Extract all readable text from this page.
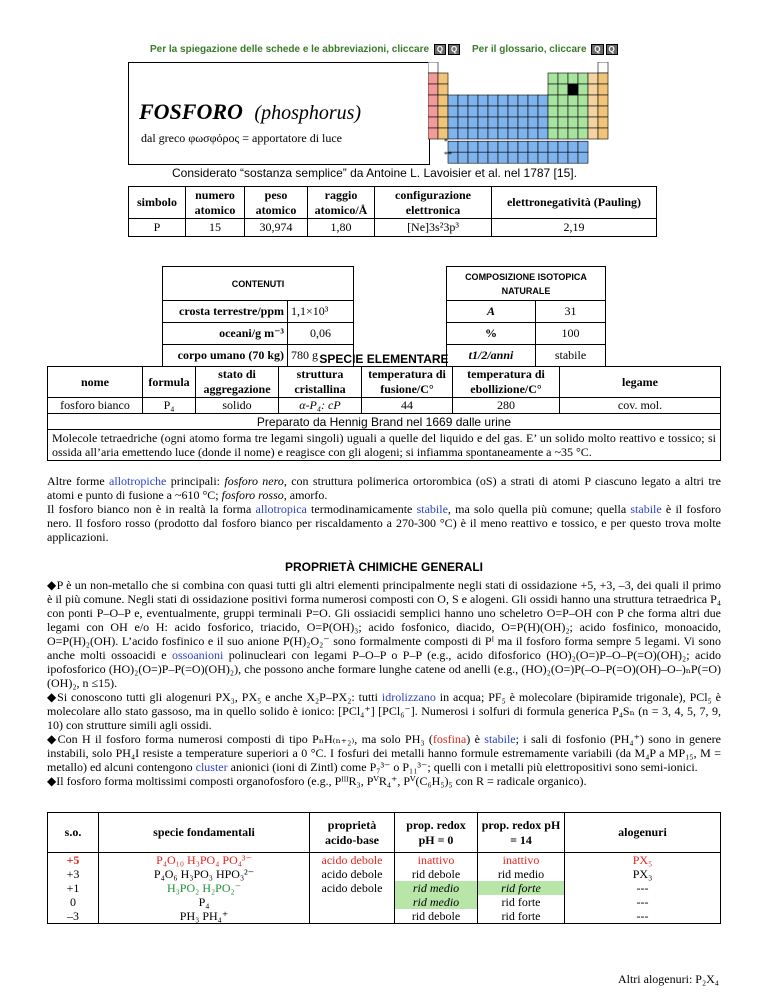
Per la spiegazione delle schede e le abbreviazioni, cliccare Q Q	Per il glossario, cliccare Q Q
FOSFORO (phosphorus)
dal greco φωσφόρος = apportatore di luce	*
**
Considerato “sostanza semplice” da Antoine L. Lavoisier et al. nel 1787 [15].
simbolo	numero atomico	peso atomico	raggio atomico/Å	configurazione elettronica	elettronegatività (Pauling)
P	15	30,974	1,80	[Ne]3s²3p³	2,19
CONTENUTI	
crosta terrestre/ppm	1,1×10³
oceani/g m⁻³	0,06
corpo umano (70 kg)	780 g
COMPOSIZIONE ISOTOPICA NATURALE	
A	31
%	100
t1/2/anni	stabile
SPECIE ELEMENTARE
nome	formula	stato di aggregazione	struttura cristallina	temperatura di fusione/C°	temperatura di ebollizione/C°	legame
fosforo bianco	P₄	solido	α-P₄: cP	44	280	cov. mol.
Preparato da Hennig Brand nel 1669 dalle urine						
Molecole tetraedriche (ogni atomo forma tre legami singoli) uguali a quelle del liquido e del gas. E’ un solido molto reattivo e tossico; si ossida all’aria emettendo luce (donde il nome) e reagisce con gli alogeni; si infiamma spontaneamente a ~35 °C.						

Altre forme allotropiche principali: fosforo nero, con struttura polimerica ortorombica (oS) a strati di atomi P ciascuno legato a altri tre atomi e punto di fusione a ~610 °C; fosforo rosso, amorfo.

Il fosforo bianco non è in realtà la forma allotropica termodinamicamente stabile, ma solo quella più comune; quella stabile è il fosforo nero. Il fosforo rosso (prodotto dal fosforo bianco per riscaldamento a 270-300 °C) è il meno reattivo e tossico, e per questo trova molte applicazioni.

PROPRIETÀ CHIMICHE GENERALI

◆P è un non-metallo che si combina con quasi tutti gli altri elementi principalmente negli stati di ossidazione +5, +3, –3, dei quali il primo è il più comune. Negli stati di ossidazione positivi forma numerosi composti con O, S e alogeni. Gli ossidi hanno una struttura tetraedrica P₄ con ponti P–O–P e, eventualmente, gruppi terminali P=O. Gli ossiacidi semplici hanno uno scheletro O=P–OH con P che forma altri due legami con OH e/o H: acido fosforico, triacido, O=P(OH)₃; acido fosfonico, diacido, O=P(H)(OH)₂; acido fosfinico, monoacido, O=P(H)₂(OH). L’acido fosfinico e il suo anione P(H)₂O₂⁻ sono formalmente composti di Pᴵ ma il fosforo forma sempre 5 legami. Vi sono anche molti ossoacidi e ossoanioni polinucleari con legami P–O–P o P–P (e.g., acido difosforico (HO)₂(O=)P–O–P(=O)(OH)₂; acido ipofosforico (HO)₂(O=)P–P(=O)(OH)₂), che possono anche formare lunghe catene od anelli (e.g., (HO)₂(O=)P(–O–P(=O)(OH)–O–)ₙP(=O)(OH)₂, n ≤15).

◆Si conoscono tutti gli alogenuri PX₃, PX₅ e anche X₂P–PX₂: tutti idrolizzano in acqua; PF₅ è molecolare (bipiramide trigonale), PCl₅ è molecolare allo stato gassoso, ma in quello solido è ionico: [PCl₄⁺] [PCl₆⁻]. Numerosi i solfuri di formula generica P₄Sₙ (n = 3, 4, 5, 7, 9, 10) con strutture simili agli ossidi.

◆Con H il fosforo forma numerosi composti di tipo PₙH₍ₙ₊₂₎, ma solo PH₃ (fosfina) è stabile; i sali di fosfonio (PH₄⁺) sono in genere instabili, solo PH₄I resiste a temperature superiori a 0 °C. I fosfuri dei metalli hanno formule estremamente variabili (da M₄P a MP₁₅, M = metallo) ed alcuni contengono cluster anionici (ioni di Zintl) come P₇³⁻ o P₁₁³⁻; quelli con i metalli più elettropositivi sono semi-ionici.

◆Il fosforo forma moltissimi composti organofosforo (e.g., PᴵᴵᴵR₃, PⱽR₄⁺, Pⱽ(C₆H₅)₅ con R = radicale organico).

s.o.	specie fondamentali	proprietà acido-base	prop. redox pH = 0	prop. redox pH = 14	alogenuri
+5	P₄O₁₀ H₃PO₄ PO₄³⁻	acido debole	inattivo	inattivo	PX₅
+3	P₄O₆ H₃PO₃ HPO₃²⁻	acido debole	rid debole	rid medio	PX₃
+1	H₃PO₂ H₂PO₂⁻	acido debole	rid medio	rid forte	---
0	P₄		rid medio	rid forte	---
–3	PH₃ PH₄⁺		rid debole	rid forte	---
Altri alogenuri: P₂X₄
